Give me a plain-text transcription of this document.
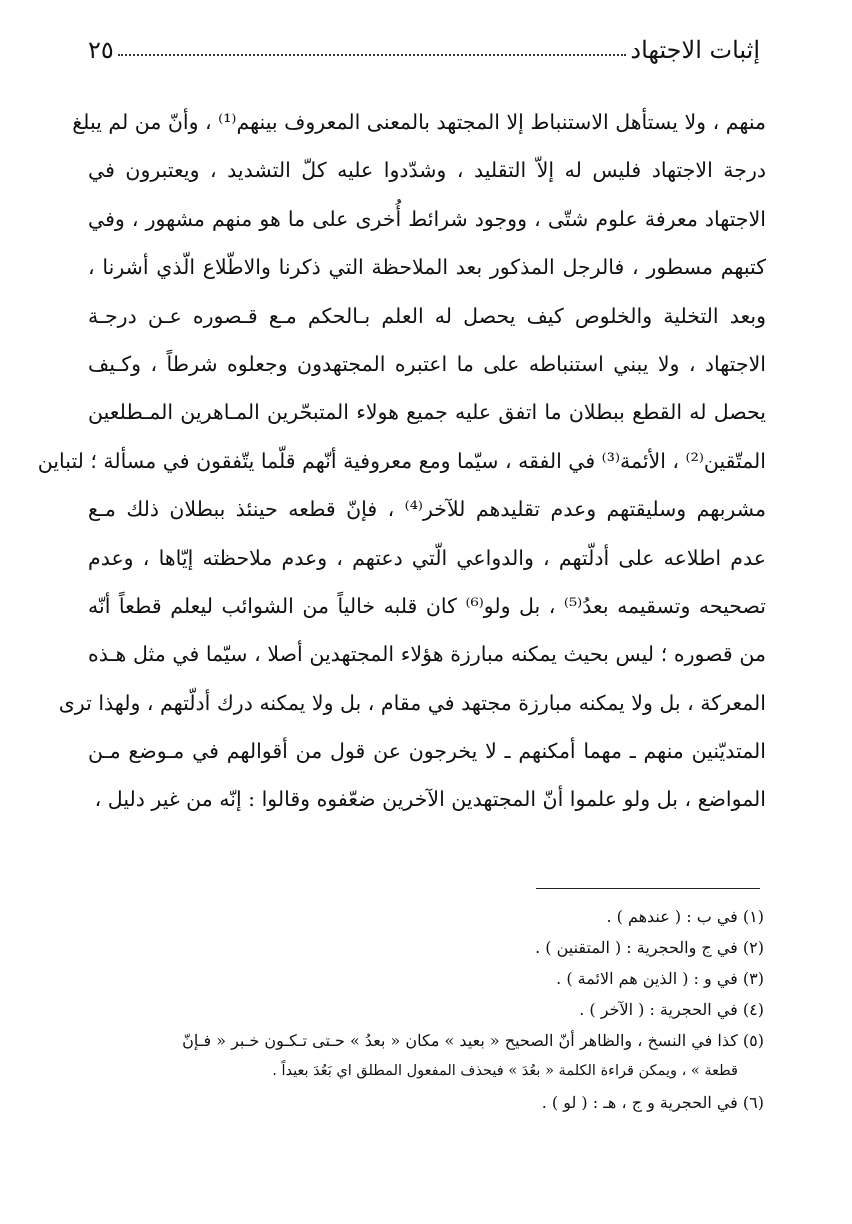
إثبات الاجتهاد
٢٥
منهم ، ولا يستأهل الاستنباط إلا المجتهد بالمعنى المعروف بينهم⁽¹⁾ ، وأنّ من لم يبلغ
درجة الاجتهاد فليس له إلاّ التقليد ، وشدّدوا عليه كلّ التشديد ، ويعتبرون في
الاجتهاد معرفة علوم شتّى ، ووجود شرائط أُخرى على ما هو منهم مشهور ، وفي
كتبهم مسطور ، فالرجل المذكور بعد الملاحظة التي ذكرنا والاطّلاع الّذي أشرنا ،
وبعد التخلية والخلوص كيف يحصل له العلم بـالحكم مـع قـصوره عـن درجـة
الاجتهاد ، ولا يبني استنباطه على ما اعتبره المجتهدون وجعلوه شرطاً ، وكـيف
يحصل له القطع ببطلان ما اتفق عليه جميع هولاء المتبحّرين المـاهرين المـطلعين
المتّقين⁽²⁾ ، الأئمة⁽³⁾ في الفقه ، سيّما ومع معروفية أنّهم قلّما يتّفقون في مسألة ؛ لتباين
مشربهم وسليقتهم وعدم تقليدهم للآخر⁽⁴⁾ ، فإنّ قطعه حينئذ ببطلان ذلك مـع
عدم اطلاعه على أدلّتهم ، والدواعي الّتي دعتهم ، وعدم ملاحظته إيّاها ، وعدم
تصحيحه وتسقيمه بعدُ⁽⁵⁾ ، بل ولو⁽⁶⁾ كان قلبه خالياً من الشوائب ليعلم قطعاً أنّه
من قصوره ؛ ليس بحيث يمكنه مبارزة هؤلاء المجتهدين أصلا ، سيّما في مثل هـذه
المعركة ، بل ولا يمكنه مبارزة مجتهد في مقام ، بل ولا يمكنه درك أدلّتهم ، ولهذا ترى
المتديّنين منهم ـ مهما أمكنهم ـ لا يخرجون عن قول من أقوالهم في مـوضع مـن
المواضع ، بل ولو علموا أنّ المجتهدين الآخرين ضعّفوه وقالوا : إنّه من غير دليل ،
(١) في ب : ( عندهم ) .
(٢) في ج والحجرية : ( المتقنين ) .
(٣) في و : ( الذين هم الائمة ) .
(٤) في الحجرية : ( الآخر ) .
(٥) كذا في النسخ ، والظاهر أنّ الصحيح « بعيد » مكان « بعدُ » حـتى تـكـون خـبر « فـإنّ
قطعة » ، ويمكن قراءة الكلمة « بعُدَ » فيحذف المفعول المطلق اي بَعُدَ بعيداً .
(٦) في الحجرية و ج ، هـ : ( لو ) .
